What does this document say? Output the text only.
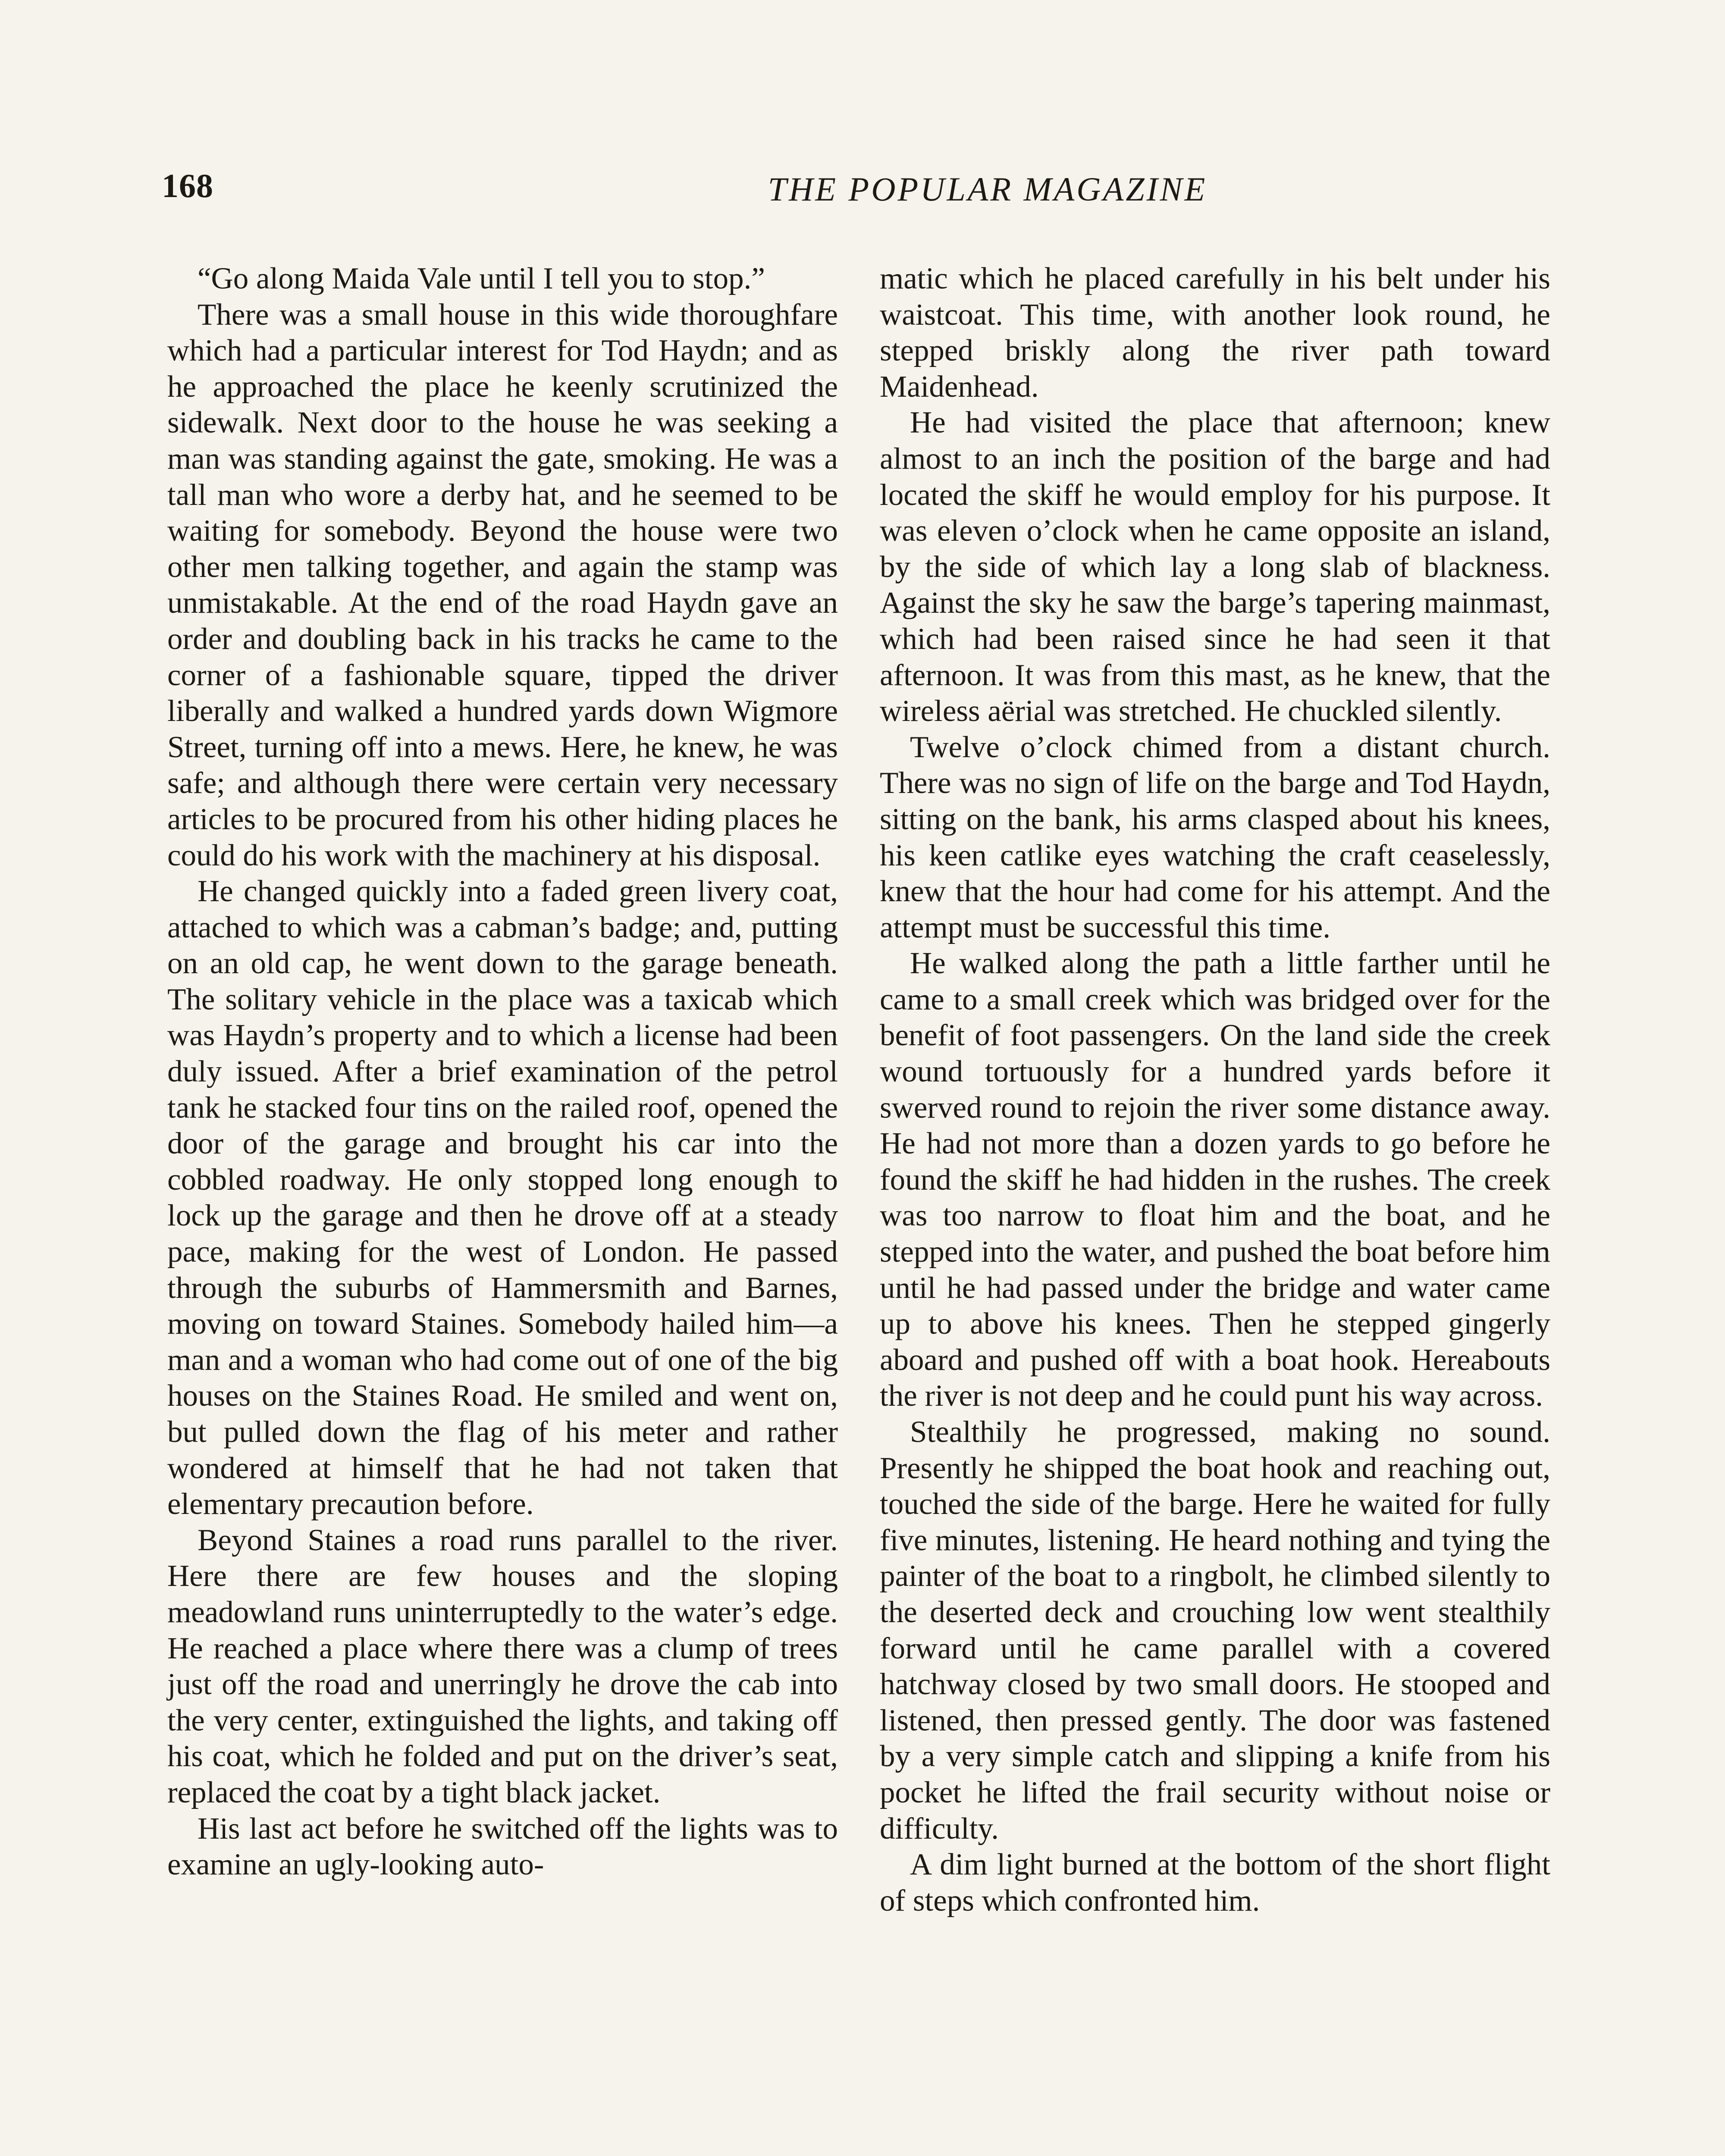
168	THE POPULAR MAGAZINE

“Go along Maida Vale until I tell you to stop.”

There was a small house in this wide thoroughfare which had a particular interest for Tod Haydn; and as he approached the place he keenly scrutinized the sidewalk. Next door to the house he was seeking a man was standing against the gate, smoking. He was a tall man who wore a derby hat, and he seemed to be waiting for somebody. Beyond the house were two other men talking together, and again the stamp was unmistakable. At the end of the road Haydn gave an order and doubling back in his tracks he came to the corner of a fashionable square, tipped the driver liberally and walked a hundred yards down Wigmore Street, turning off into a mews. Here, he knew, he was safe; and although there were certain very necessary articles to be procured from his other hiding places he could do his work with the machinery at his disposal.

He changed quickly into a faded green livery coat, attached to which was a cabman’s badge; and, putting on an old cap, he went down to the garage beneath. The solitary vehicle in the place was a taxicab which was Haydn’s property and to which a license had been duly issued. After a brief examination of the petrol tank he stacked four tins on the railed roof, opened the door of the garage and brought his car into the cobbled roadway. He only stopped long enough to lock up the garage and then he drove off at a steady pace, making for the west of London. He passed through the suburbs of Hammersmith and Barnes, moving on toward Staines. Somebody hailed him—a man and a woman who had come out of one of the big houses on the Staines Road. He smiled and went on, but pulled down the flag of his meter and rather wondered at himself that he had not taken that elementary precaution before.

Beyond Staines a road runs parallel to the river. Here there are few houses and the sloping meadowland runs uninterruptedly to the water’s edge. He reached a place where there was a clump of trees just off the road and unerringly he drove the cab into the very center, extinguished the lights, and taking off his coat, which he folded and put on the driver’s seat, replaced the coat by a tight black jacket.

His last act before he switched off the lights was to examine an ugly-looking auto-

matic which he placed carefully in his belt under his waistcoat. This time, with another look round, he stepped briskly along the river path toward Maidenhead.

He had visited the place that afternoon; knew almost to an inch the position of the barge and had located the skiff he would employ for his purpose. It was eleven o’clock when he came opposite an island, by the side of which lay a long slab of blackness. Against the sky he saw the barge’s tapering mainmast, which had been raised since he had seen it that afternoon. It was from this mast, as he knew, that the wireless aërial was stretched. He chuckled silently.

Twelve o’clock chimed from a distant church. There was no sign of life on the barge and Tod Haydn, sitting on the bank, his arms clasped about his knees, his keen catlike eyes watching the craft ceaselessly, knew that the hour had come for his attempt. And the attempt must be successful this time.

He walked along the path a little farther until he came to a small creek which was bridged over for the benefit of foot passengers. On the land side the creek wound tortuously for a hundred yards before it swerved round to rejoin the river some distance away. He had not more than a dozen yards to go before he found the skiff he had hidden in the rushes. The creek was too narrow to float him and the boat, and he stepped into the water, and pushed the boat before him until he had passed under the bridge and water came up to above his knees. Then he stepped gingerly aboard and pushed off with a boat hook. Hereabouts the river is not deep and he could punt his way across.

Stealthily he progressed, making no sound. Presently he shipped the boat hook and reaching out, touched the side of the barge. Here he waited for fully five minutes, listening. He heard nothing and tying the painter of the boat to a ringbolt, he climbed silently to the deserted deck and crouching low went stealthily forward until he came parallel with a covered hatchway closed by two small doors. He stooped and listened, then pressed gently. The door was fastened by a very simple catch and slipping a knife from his pocket he lifted the frail security without noise or difficulty.

A dim light burned at the bottom of the short flight of steps which confronted him.
